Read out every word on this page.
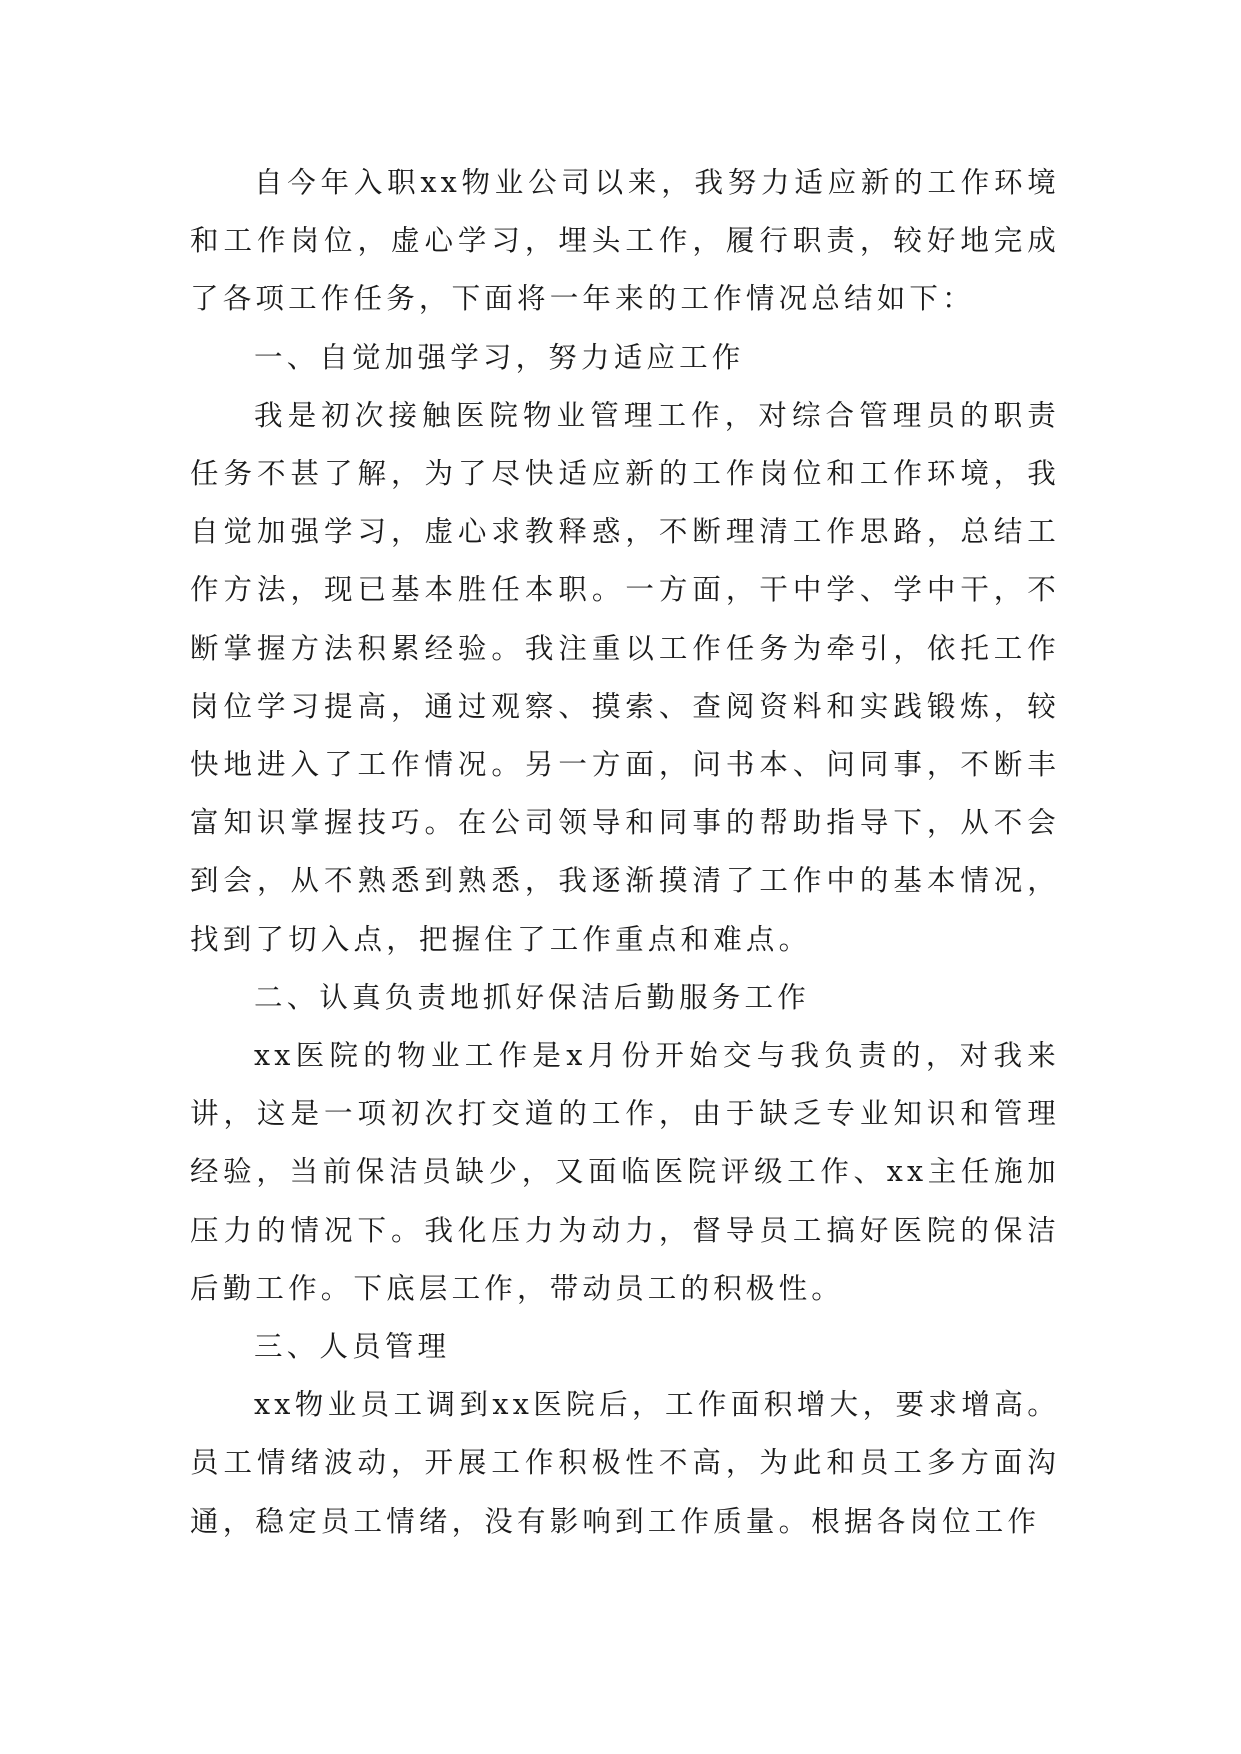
自今年入职xx物业公司以来，我努力适应新的工作环境和工作岗位，虚心学习，埋头工作，履行职责，较好地完成了各项工作任务，下面将一年来的工作情况总结如下：

一、自觉加强学习，努力适应工作

我是初次接触医院物业管理工作，对综合管理员的职责任务不甚了解，为了尽快适应新的工作岗位和工作环境，我自觉加强学习，虚心求教释惑，不断理清工作思路，总结工作方法，现已基本胜任本职。一方面，干中学、学中干，不断掌握方法积累经验。我注重以工作任务为牵引，依托工作岗位学习提高，通过观察、摸索、查阅资料和实践锻炼，较快地进入了工作情况。另一方面，问书本、问同事，不断丰富知识掌握技巧。在公司领导和同事的帮助指导下，从不会到会，从不熟悉到熟悉，我逐渐摸清了工作中的基本情况，找到了切入点，把握住了工作重点和难点。

二、认真负责地抓好保洁后勤服务工作

xx医院的物业工作是x月份开始交与我负责的，对我来讲，这是一项初次打交道的工作，由于缺乏专业知识和管理经验，当前保洁员缺少，又面临医院评级工作、xx主任施加压力的情况下。我化压力为动力，督导员工搞好医院的保洁后勤工作。下底层工作，带动员工的积极性。

三、人员管理

xx物业员工调到xx医院后，工作面积增大，要求增高。员工情绪波动，开展工作积极性不高，为此和员工多方面沟通，稳定员工情绪，没有影响到工作质量。根据各岗位工作
